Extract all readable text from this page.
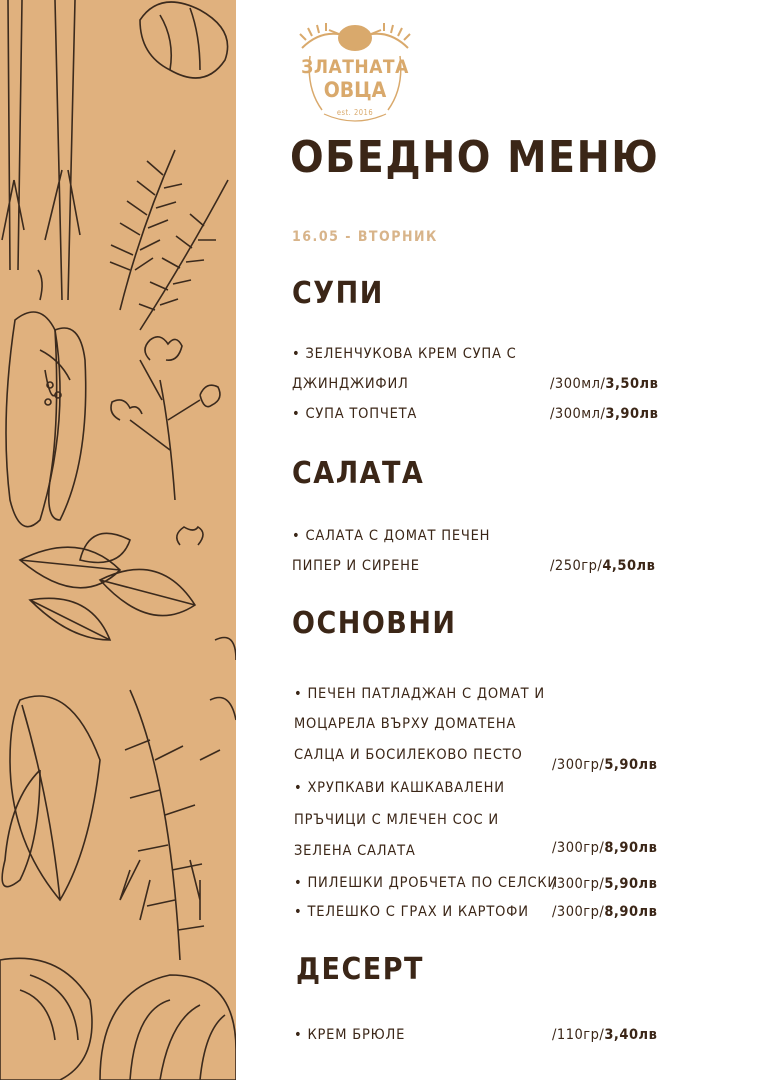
ЗЛАТНАТА
ОВЦА
est. 2016
ОБЕДНО МЕНЮ
16.05 - ВТОРНИК
СУПИ
• ЗЕЛЕНЧУКОВА КРЕМ СУПА С
ДЖИНДЖИФИЛ	/300мл/3,50лв
• СУПА ТОПЧЕТА	/300мл/3,90лв
САЛАТА
• САЛАТА С ДОМАТ ПЕЧЕН
ПИПЕР И СИРЕНЕ	/250гр/4,50лв
ОСНОВНИ
• ПЕЧЕН ПАТЛАДЖАН С ДОМАТ И
МОЦАРЕЛА ВЪРХУ ДОМАТЕНА
САЛЦА И БОСИЛЕКОВО ПЕСТО
/300гр/5,90лв
• ХРУПКАВИ КАШКАВАЛЕНИ
ПРЪЧИЦИ С МЛЕЧЕН СОС И
ЗЕЛЕНА САЛАТА	/300гр/8,90лв
• ПИЛЕШКИ ДРОБЧЕТА ПО СЕЛСКИ
/300гр/5,90лв
• ТЕЛЕШКО С ГРАХ И КАРТОФИ /300гр/8,90лв
ДЕСЕРТ
• КРЕМ БРЮЛЕ	/110гр/3,40лв
